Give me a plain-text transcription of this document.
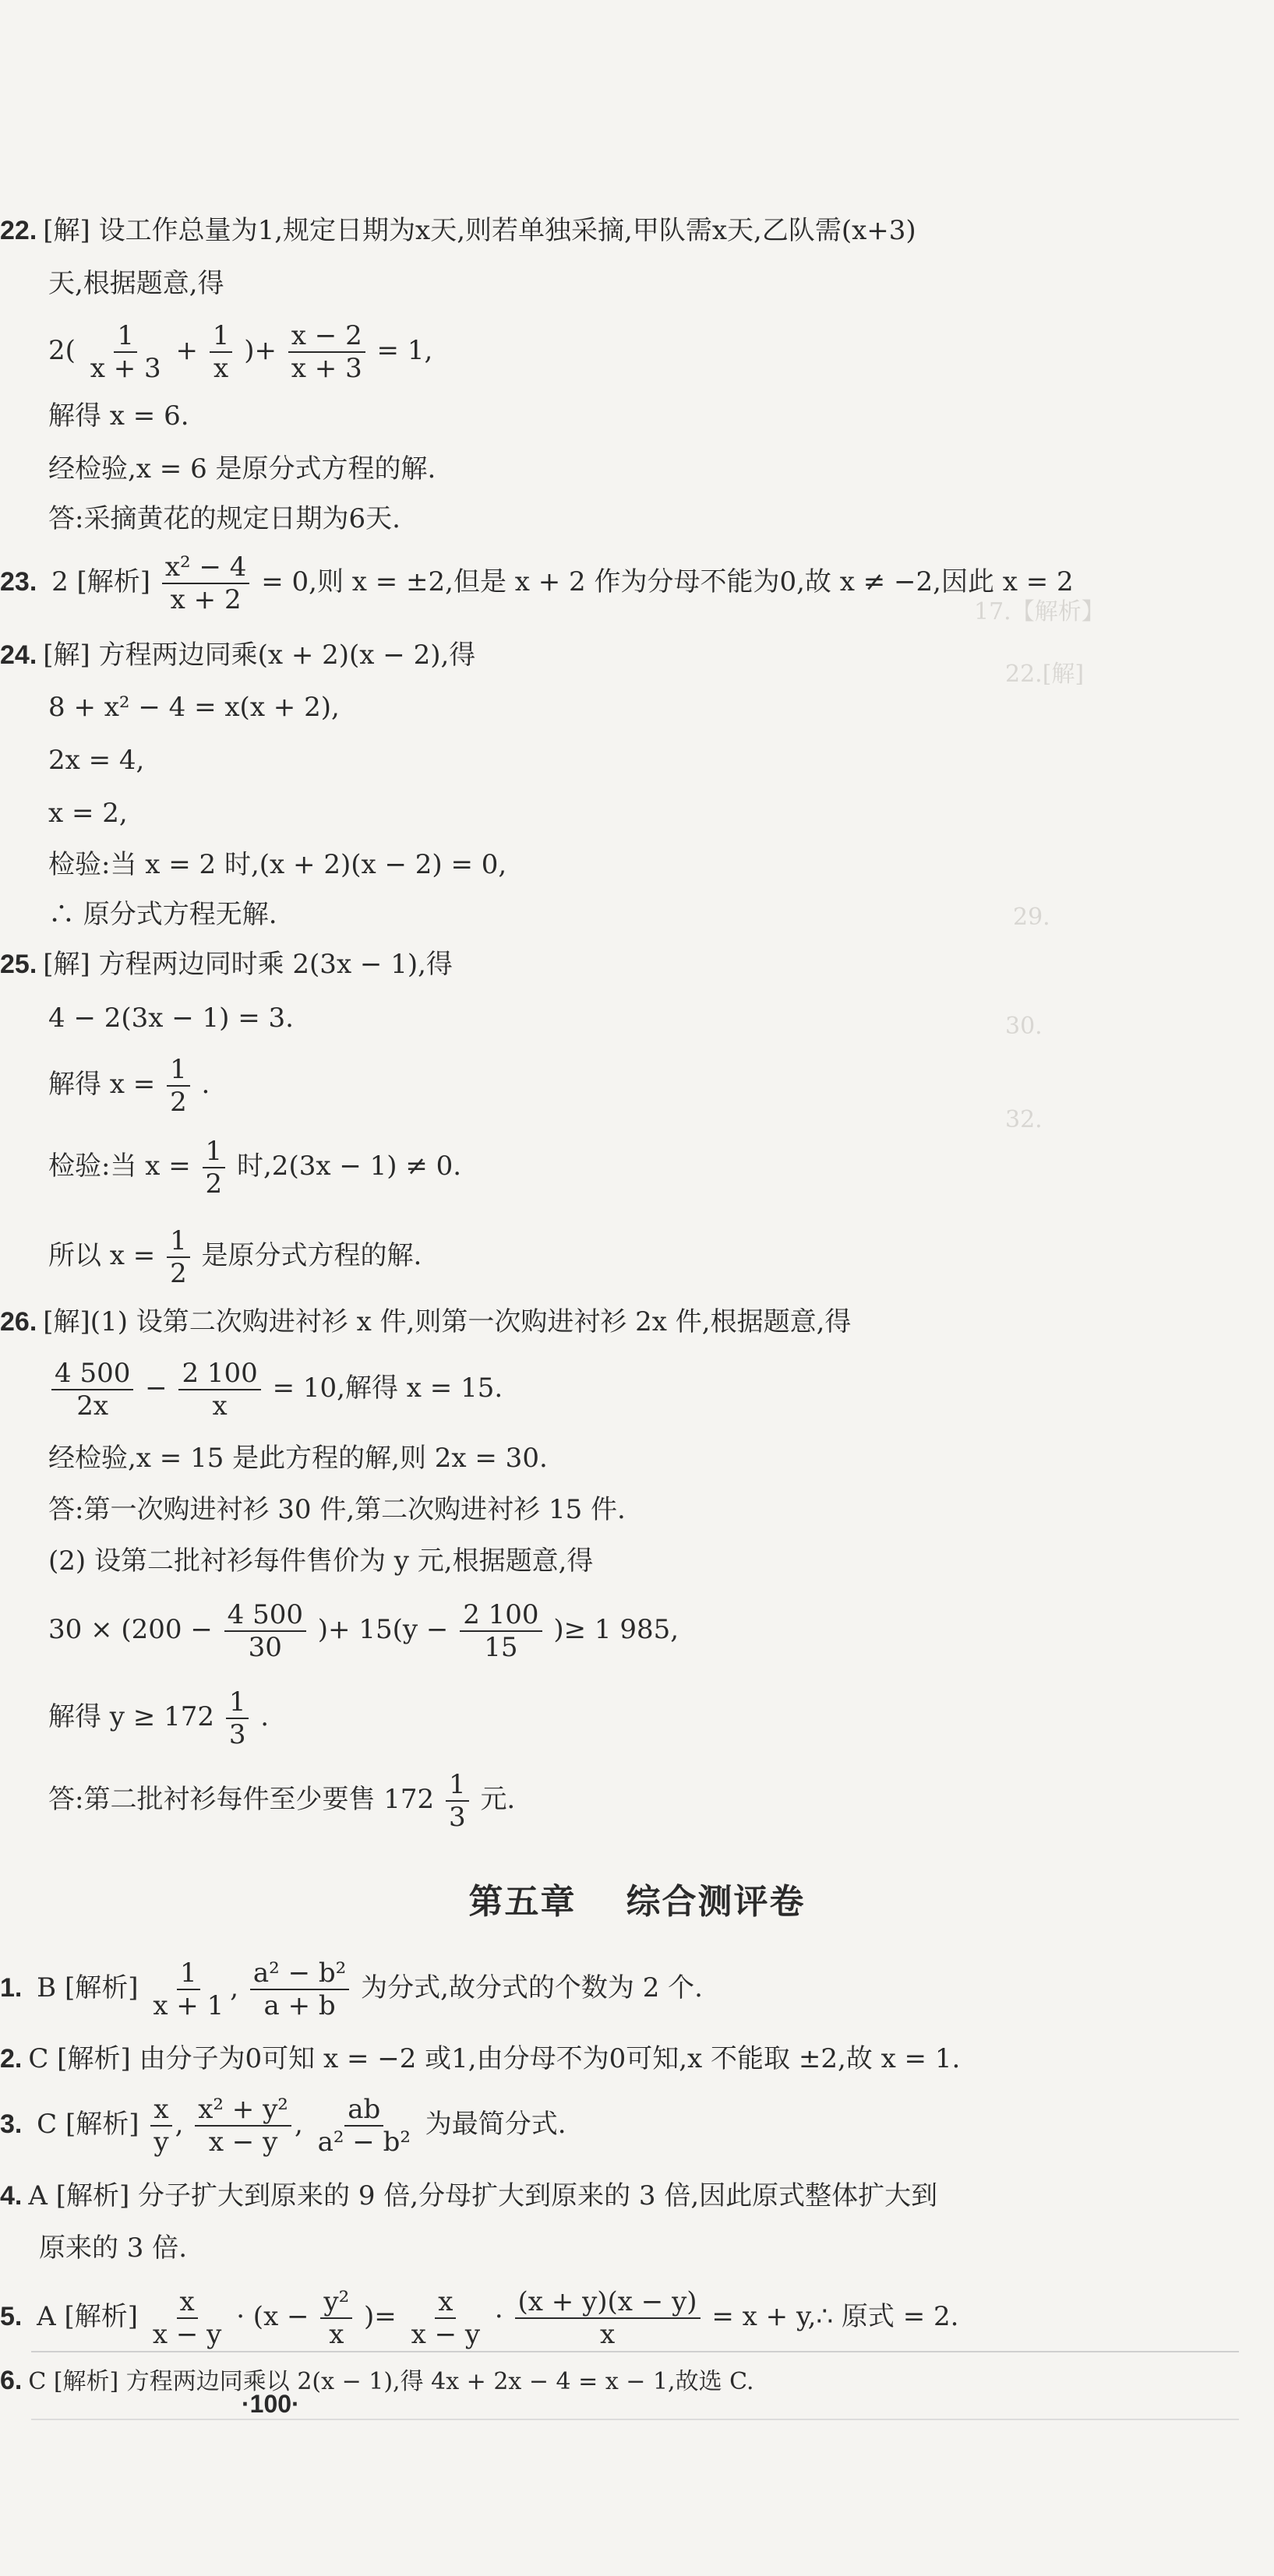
17.【解析】
22.[解]
29.
30.
32.
22. [解] 设工作总量为1,规定日期为x天,则若单独采摘,甲队需x天,乙队需(x+3)
天,根据题意,得
$2( \frac{1}{x + 3} + \frac{1}{x}$ )+ $\frac{x - 2}{x + 3} = 1$,
解得 x = 6.
经检验,x = 6 是原分式方程的解.
答:采摘黄花的规定日期为6天.
23. 2 [解析] $\frac{\text{x² − 4}}{x + 2} = 0$,则 x = ±2,但是 x + 2 作为分母不能为0,故 x ≠ −2,因此 x = 2
24. [解] 方程两边同乘(x + 2)(x − 2),得
8 + x² − 4 = x(x + 2),
2x = 4,
x = 2,
检验:当 x = 2 时,(x + 2)(x − 2) = 0,
∴ 原分式方程无解.
25. [解] 方程两边同时乘 2(3x − 1),得
4 − 2(3x − 1) = 3.
解得 $x = \frac{1}{2}$ .
检验:当 $x = \frac{1}{2}$ 时,2(3x − 1) ≠ 0.
所以 $x = \frac{1}{2}$ 是原分式方程的解.
26. [解](1) 设第二次购进衬衫 x 件,则第一次购进衬衫 2x 件,根据题意,得
$\frac{4 500}{2x} - \frac{2 100}{x} = 10$,解得 x = 15.
经检验,x = 15 是此方程的解,则 2x = 30.
答:第一次购进衬衫 30 件,第二次购进衬衫 15 件.
(2) 设第二批衬衫每件售价为 y 元,根据题意,得
$30 \times (200 - \frac{4 500}{30}$ )+ $15(y - \frac{2 100}{15}$ )≥ 1 985,
解得 $y \ge 172 \frac{1}{3}$ .
答:第二批衬衫每件至少要售 $172 \frac{1}{3}$ 元.
第五章 综合测评卷
1. B [解析] $\frac{1}{x + 1}$ , $\frac{\text{a² − b²}}{a + b}$ 为分式,故分式的个数为 2 个.
2. C [解析] 由分子为0可知 x = −2 或1,由分母不为0可知,x 不能取 ±2,故 x = 1.
3. C [解析] $\frac{x}{y}$ , $\frac{\text{x² + y²}}{x - y}$ , $\frac{ab}{\text{a² − b²}}$ 为最简分式.
4. A [解析] 分子扩大到原来的 9 倍,分母扩大到原来的 3 倍,因此原式整体扩大到
原来的 3 倍.
5. A [解析] $\frac{x}{x - y} \cdot (x - \frac{\text{y²}}{x}$ )= $\frac{x}{x - y} \cdot \frac{(x + y)(x - y)}{x} = x$ + y,∴ 原式 = 2.
6. C [解析] 方程两边同乘以 2(x − 1),得 4x + 2x − 4 = x − 1,故选 C.
·100·
